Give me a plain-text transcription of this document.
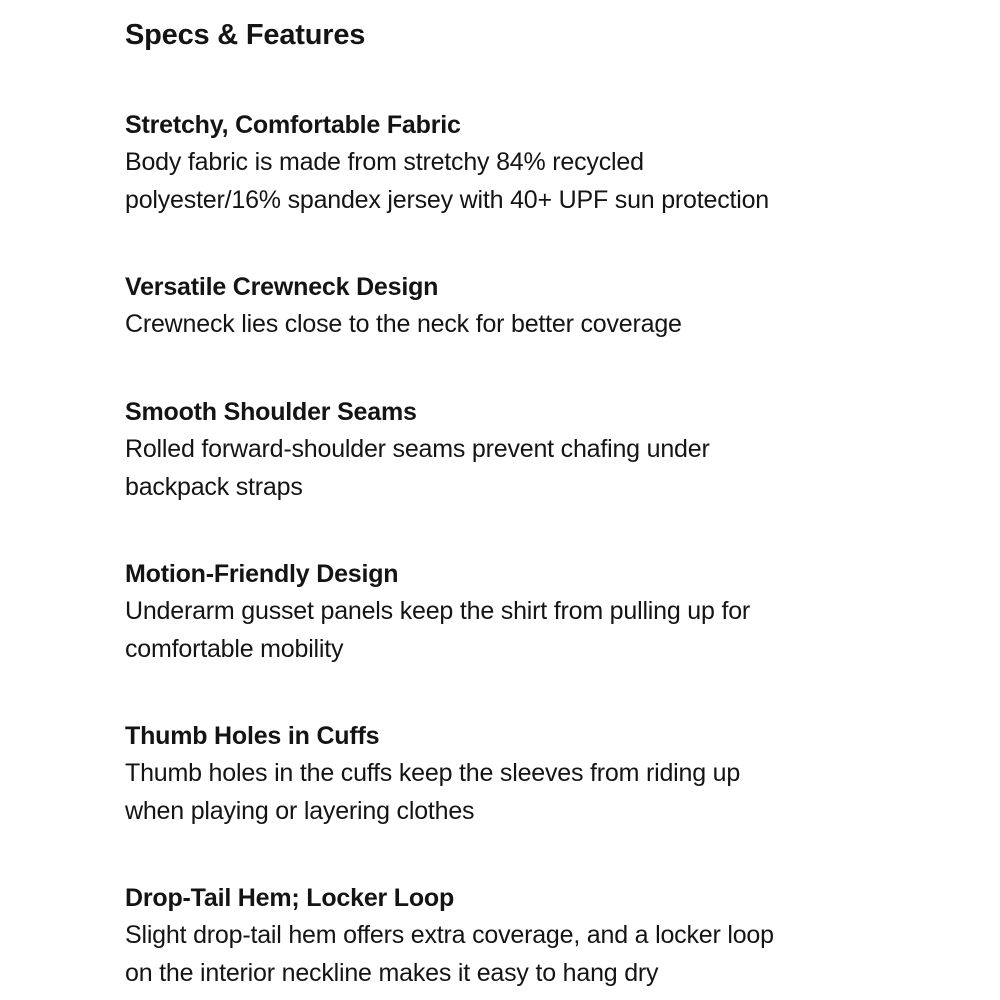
Specs & Features
Stretchy, Comfortable Fabric

Body fabric is made from stretchy 84% recycled
polyester/16% spandex jersey with 40+ UPF sun protection

Versatile Crewneck Design

Crewneck lies close to the neck for better coverage

Smooth Shoulder Seams

Rolled forward-shoulder seams prevent chafing under
backpack straps

Motion-Friendly Design

Underarm gusset panels keep the shirt from pulling up for
comfortable mobility

Thumb Holes in Cuffs

Thumb holes in the cuffs keep the sleeves from riding up
when playing or layering clothes

Drop-Tail Hem; Locker Loop

Slight drop-tail hem offers extra coverage, and a locker loop
on the interior neckline makes it easy to hang dry
